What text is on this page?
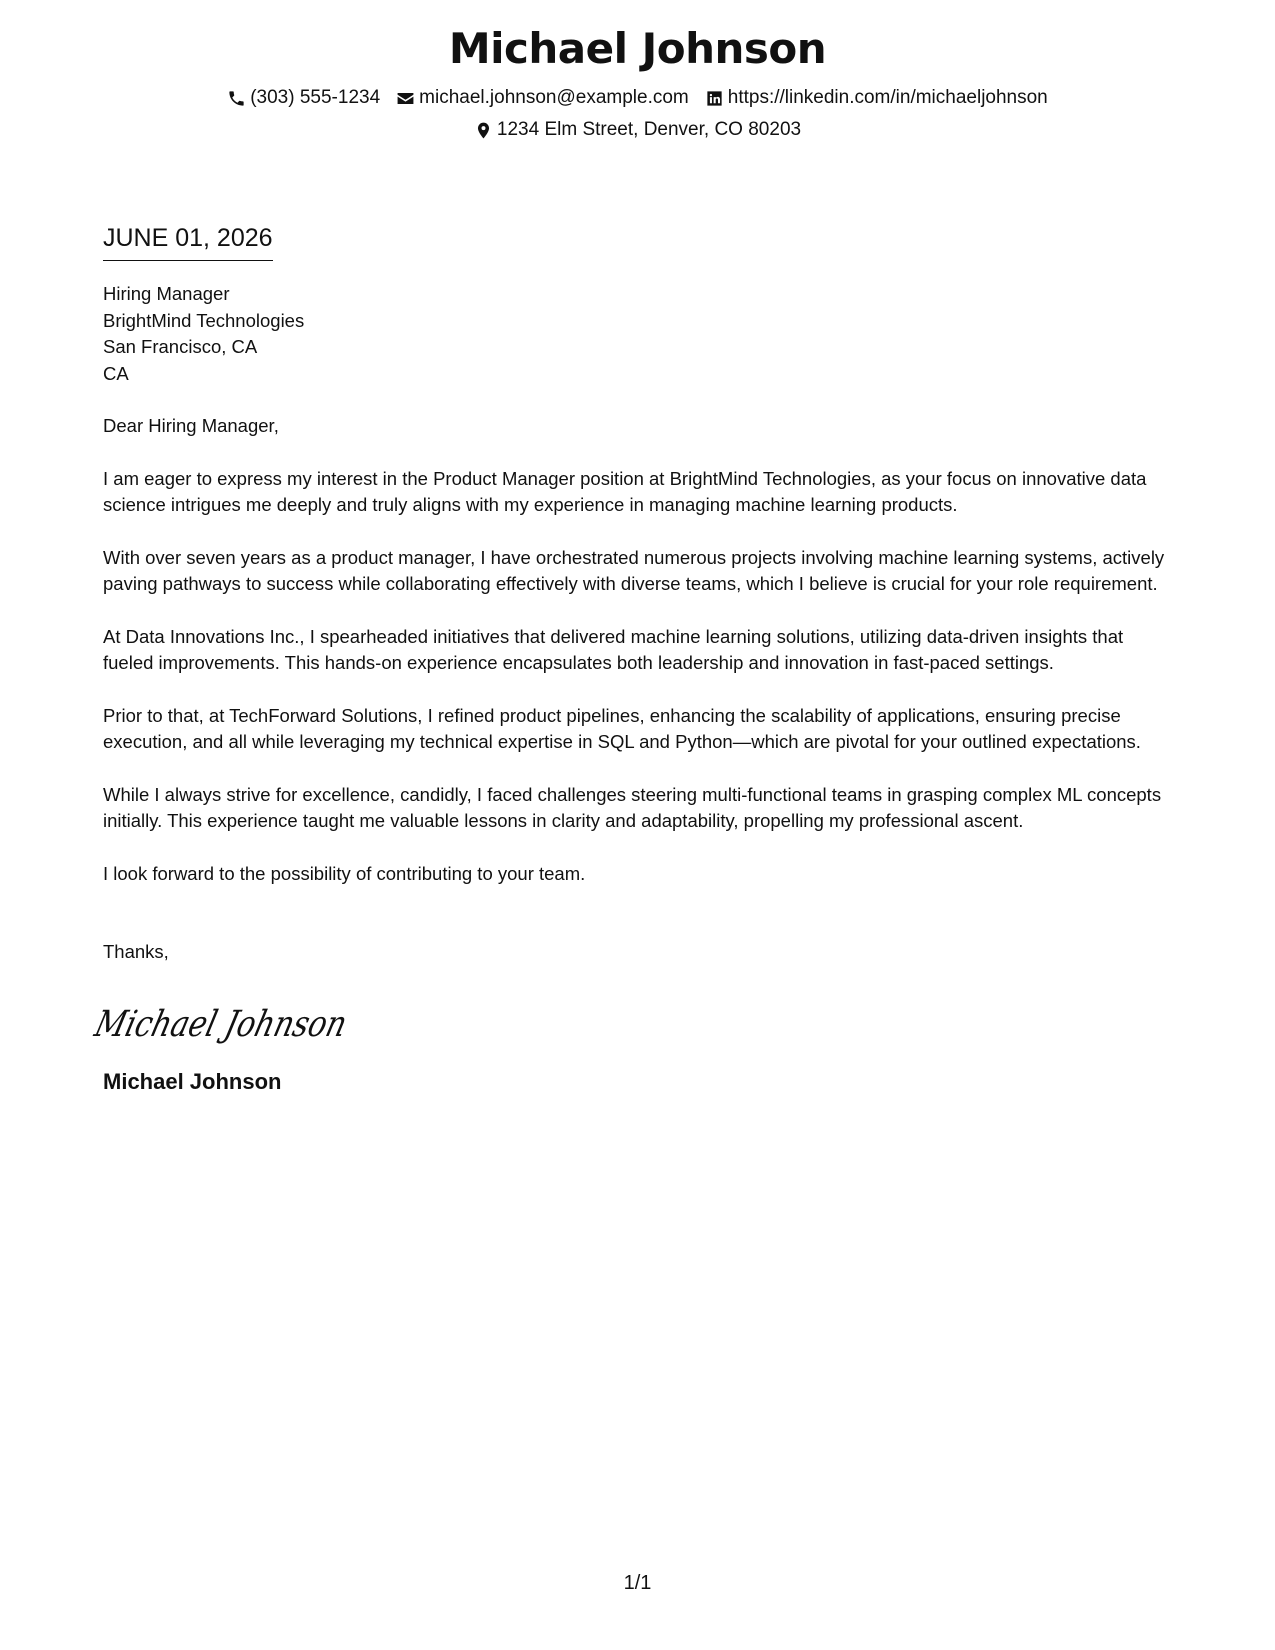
Michael Johnson
(303) 555-1234 michael.johnson@example.com https://linkedin.com/in/michaeljohnson
1234 Elm Street, Denver, CO 80203
JUNE 01, 2026
Hiring Manager
BrightMind Technologies
San Francisco, CA
CA
Dear Hiring Manager,
I am eager to express my interest in the Product Manager position at BrightMind Technologies, as your focus on innovative data science intrigues me deeply and truly aligns with my experience in managing machine learning products.
With over seven years as a product manager, I have orchestrated numerous projects involving machine learning systems, actively paving pathways to success while collaborating effectively with diverse teams, which I believe is crucial for your role requirement.
At Data Innovations Inc., I spearheaded initiatives that delivered machine learning solutions, utilizing data-driven insights that fueled improvements. This hands-on experience encapsulates both leadership and innovation in fast-paced settings.
Prior to that, at TechForward Solutions, I refined product pipelines, enhancing the scalability of applications, ensuring precise execution, and all while leveraging my technical expertise in SQL and Python—which are pivotal for your outlined expectations.
While I always strive for excellence, candidly, I faced challenges steering multi-functional teams in grasping complex ML concepts initially. This experience taught me valuable lessons in clarity and adaptability, propelling my professional ascent.
I look forward to the possibility of contributing to your team.
Thanks,
Michael Johnson
Michael Johnson
1/1
